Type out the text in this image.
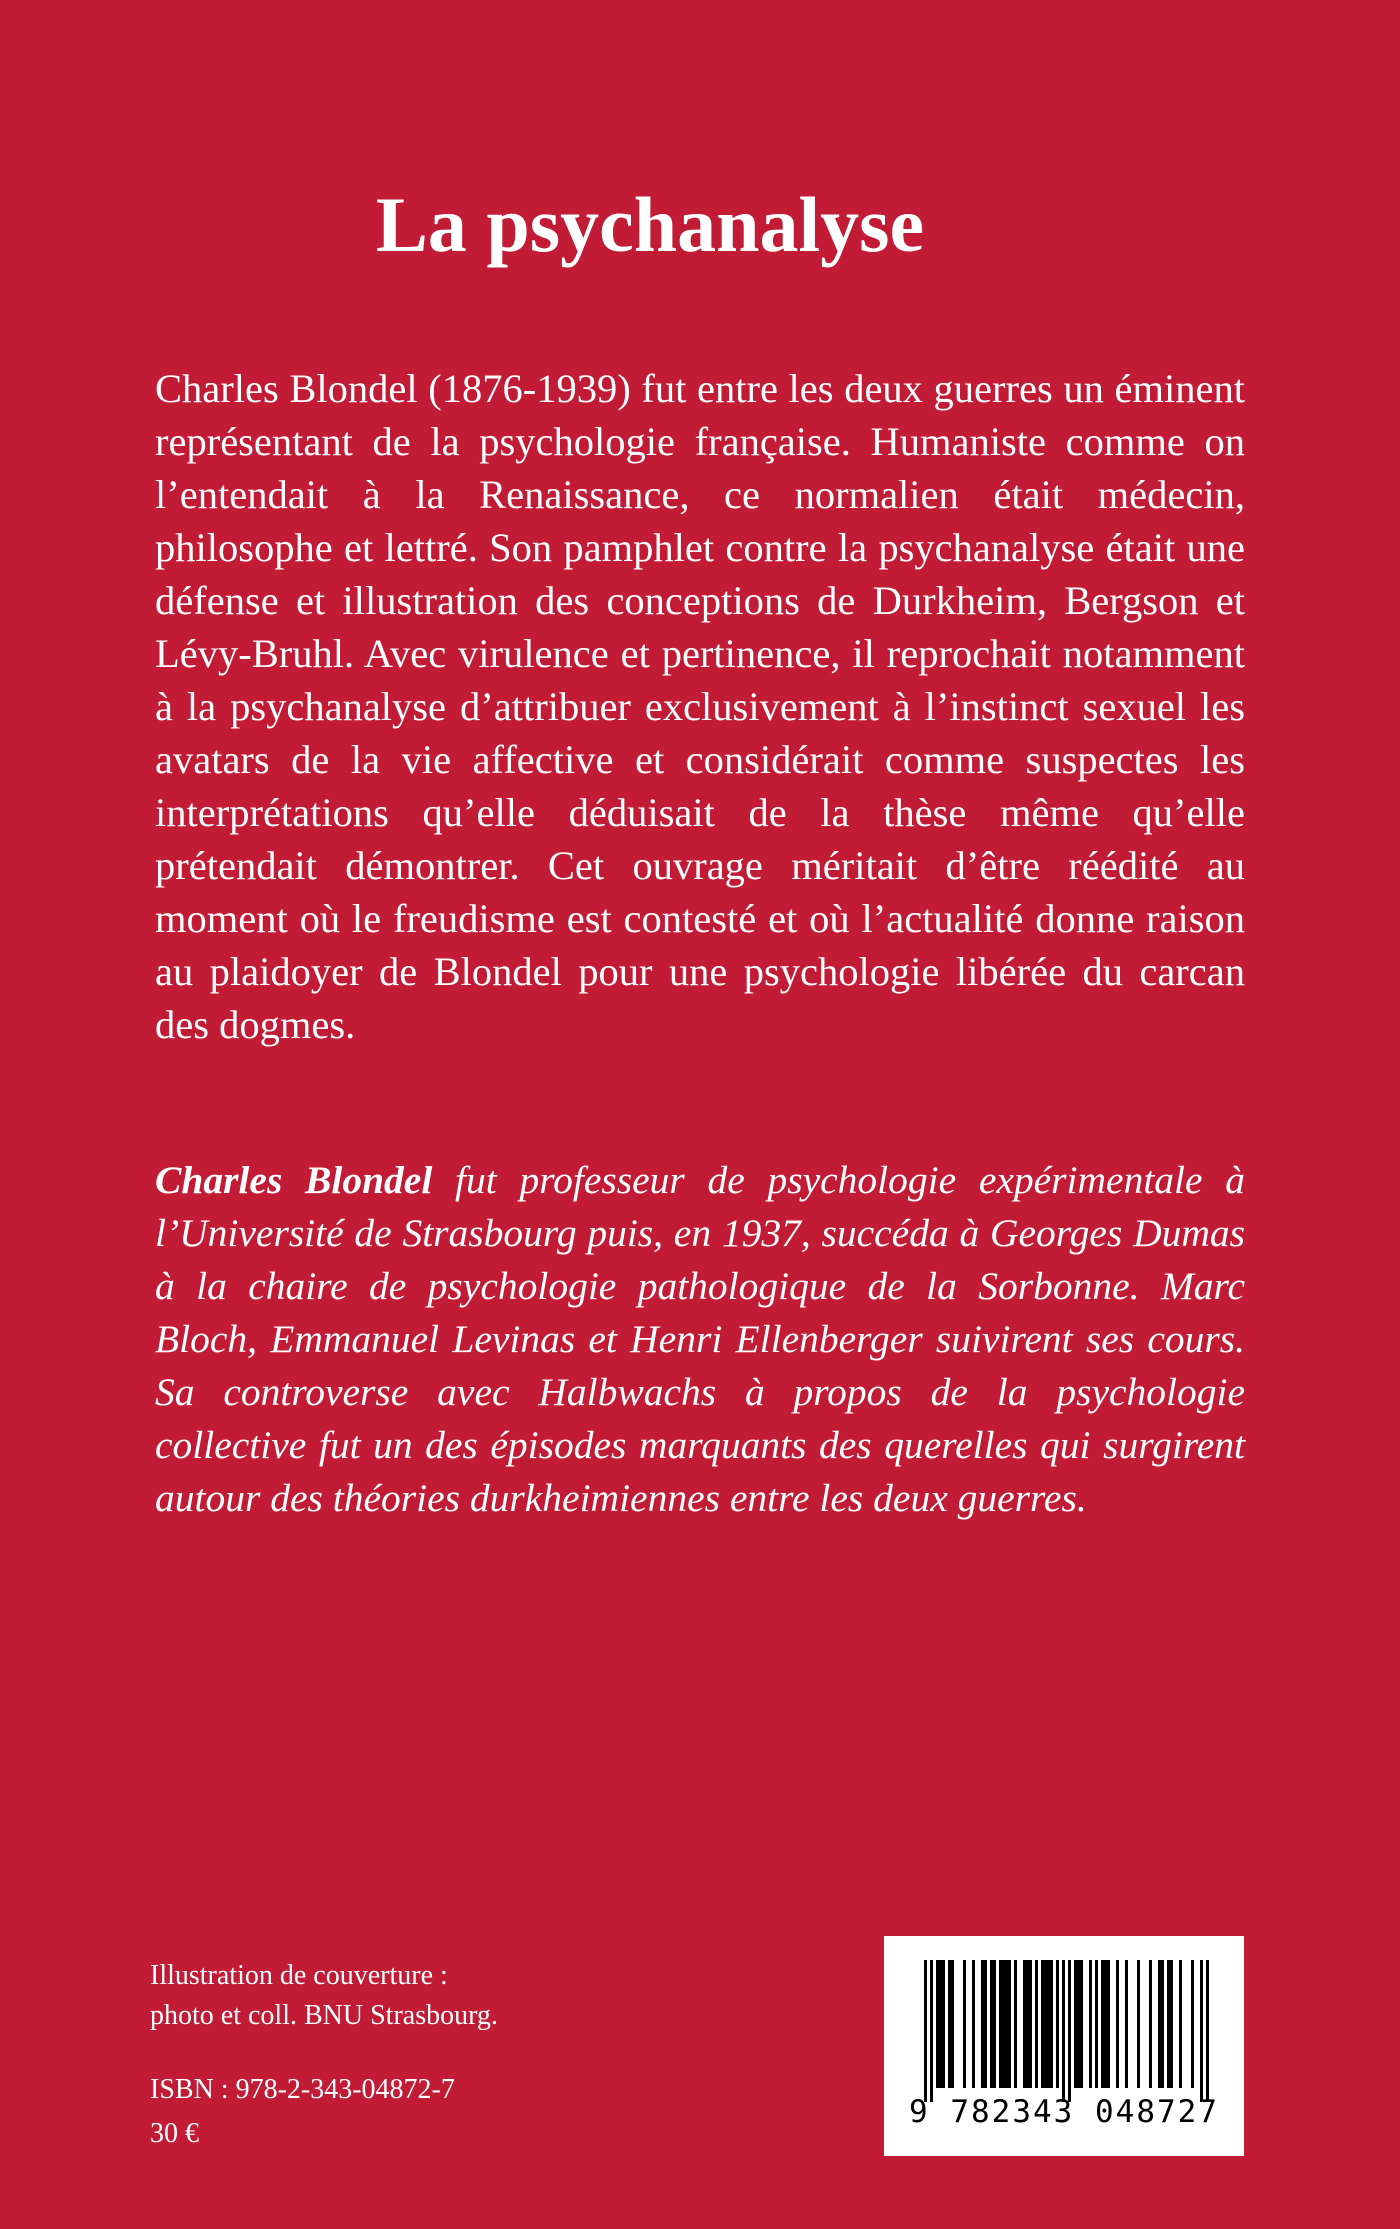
La psychanalyse

Charles Blondel (1876-1939) fut entre les deux guerres un éminent représentant de la psychologie française. Humaniste comme on l’entendait à la Renaissance, ce normalien était médecin, philosophe et lettré. Son pamphlet contre la psychanalyse était une défense et illustration des conceptions de Durkheim, Bergson et Lévy-Bruhl. Avec virulence et pertinence, il reprochait notamment à la psychanalyse d’attribuer exclusivement à l’instinct sexuel les avatars de la vie affective et considérait comme suspectes les interprétations qu’elle déduisait de la thèse même qu’elle prétendait démontrer. Cet ouvrage méritait d’être réédité au moment où le freudisme est contesté et où l’actualité donne raison au plaidoyer de Blondel pour une psychologie libérée du carcan des dogmes.

Charles Blondel fut professeur de psychologie expérimentale à l’Université de Strasbourg puis, en 1937, succéda à Georges Dumas à la chaire de psychologie pathologique de la Sorbonne. Marc Bloch, Emmanuel Levinas et Henri Ellenberger suivirent ses cours. Sa controverse avec Halbwachs à propos de la psychologie collective fut un des épisodes marquants des querelles qui surgirent autour des théories durkheimiennes entre les deux guerres.

Illustration de couverture :
photo et coll. BNU Strasbourg.
ISBN : 978-2-343-04872-7
30 €
9 782343 048727
